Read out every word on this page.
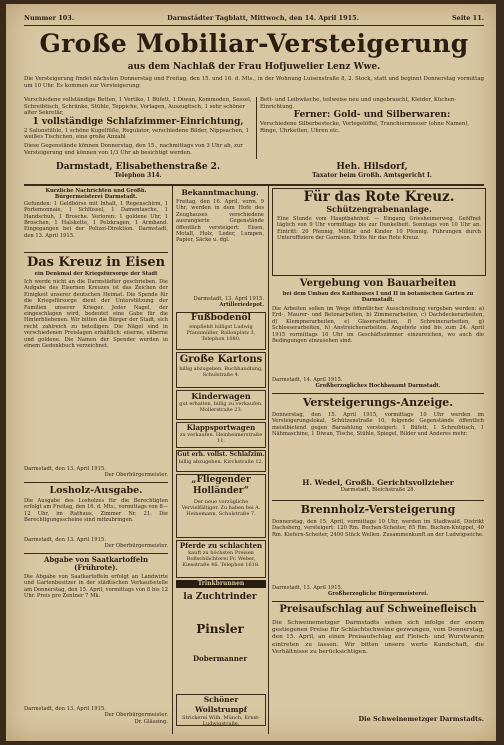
Nummer 103.	Darmstädter Tagblatt, Mittwoch, den 14. April 1915.	Seite 11.
Große Mobiliar-Versteigerung
aus dem Nachlaß der Frau Hofjuwelier Lenz Wwe.
Die Versteigerung findet nächsten Donnerstag und Freitag, den 15. und 16. d. Mts., in der Wohnung Luisenstraße 8, 2. Stock, statt und beginnt Donnerstag vormittag um 10 Uhr. Es kommen zur Versteigerung:
Verschiedene vollständige Betten, 1 Vertiko, 1 Büfett, 1 Diwan, Kommoden, Sessel, Schreibtisch, Schränke, Stühle, Teppiche, Vorlagen, Auszugtisch, 1 sehr schöner alter Sekretär,
1 vollständige Schlafzimmer-Einrichtung,
2 Salonstühle, 1 schöne Kugelfüße, Regulator, verschiedene Bilder, Nippsachen, 1 weißes Tischchen, eine große Anzahl
Diese Gegenstände können Donnerstag, den 15., nachmittags von 3 Uhr ab, zur Versteigerung und können von 1/3 Uhr ab besichtigt werden.
Bett- und Leibwäsche, teilweise neu und ungebraucht, Kleider, Küchen-Einrichtung.
Ferner: Gold- und Silberwaren:
Verschiedene Silberbestecke, Vorlegelöffel, Tranchiermesser (ohne Namen), Ringe, Uhrketten, Uhren etc.
Darmstadt, Elisabethenstraße 2.
Telephon 314.
Heh. Hilsdorf,
Taxator beim Großh. Amtsgericht I.
Kurzliche Nachrichten und Großh. Bürgermeisterei Darmstadt.
Gefunden: 1 Geldbörse mit Inhalt, 1 Regenschirm, 1 Portemonnaie, 1 Schlüssel, 1 Damentasche, 1 Handschuh, 1 Brosche. Verloren: 1 goldene Uhr, 1 Broschen, 1 Halskette, 1 Pelzkragen, 1 Armband. Eingegangen bei der Polizei-Direktion. Darmstadt, den 13. April 1915.
Das Kreuz in Eisen
ein Denkmal der Kriegsfürsorge der Stadt
Ich werde nicht an die Darmstädter geschrieben. Die Aufgabe des Eisernen Kreuzes ist das Zeichen der Einigkeit unserer deutschen Heimat. Die Spende für die Kriegsfürsorge dient der Unterstützung der Familien unserer Krieger. Jeder Nagel, der eingeschlagen wird, bedeutet eine Gabe für die Hinterbliebenen. Wir bitten die Bürger der Stadt, sich recht zahlreich zu beteiligen. Die Nägel sind in verschiedenen Preislagen erhältlich: eiserne, silberne und goldene. Die Namen der Spender werden in einem Gedenkbuch verzeichnet.
Darmstadt, den 13. April 1915.
Der Oberbürgermeister.
Losholz-Ausgabe.
Die Ausgabe des Losholzes für die Berechtigten erfolgt am Freitag, den 16. d. Mts., vormittags von 8—12 Uhr, im Rathaus, Zimmer Nr. 21. Die Berechtigungsscheine sind mitzubringen.
Darmstadt, den 13. April 1915.
Der Oberbürgermeister.
Abgabe von Saatkartoffeln (Frührote).
Die Abgabe von Saatkartoffeln erfolgt an Landwirte und Gartenbesitzer in der städtischen Verkaufsstelle am Donnerstag, den 15. April, vormittags von 8 bis 12 Uhr. Preis pro Zentner 7 Mk.
Darmstadt, den 13. April 1915.
Der Oberbürgermeister.
Dr. Glässing.
Bekanntmachung.
Freitag, den 16. April, vorm. 9 Uhr, werden in dem Hofe des Zeughauses verschiedene ausrangierte Gegenstände öffentlich versteigert: Eisen, Metall, Holz, Leder, Lumpen, Papier, Säcke u. dgl.
Darmstadt, 13. April 1915.
Artilleriedepot.
Fußbodenöl
empfiehlt billigst Ludwig Pfannmüller, Ballonplatz 3, Telephon 1080.
Große Kartons
billig abzugeben. Buchhandlung, Schulstraße 4.
Kinderwagen
gut erhalten, billig zu verkaufen. Mollerstraße 23.
Klappsportwagen
zu verkaufen. Heinheimerstraße 11.
Gut erh. vollst. Schlafzim.
billig abzugeben. Kirchstraße 12.
„Fliegender Holländer“
Der neue vorzügliche Vervielfältiger. Zu haben bei A. Heinemann, Schulstraße 7.
Pferde zu schlachten
kauft zu höchsten Preisen Roßschlächterei Fr. Weber, Kiesstraße 46. Telephon 1618.
Trinkbrunnen
la Zuchtrinder
Pinsler
Dobermanner
Schöner Wollstrumpf
Strickerei Wilh. Münch, Ernst-Ludwigstraße.
Für das Rote Kreuz.
Schützengrabenanlage.
Eine Stunde vom Hauptbahnhof. — Eingang Griesheimerweg. Geöffnet täglich von 9 Uhr vormittags bis zur Dunkelheit. Sonntags von 10 Uhr an. Eintritt: 20 Pfennig, Militär und Kinder 10 Pfennig. Führungen durch Unteroffiziere der Garnison. Erlös für das Rote Kreuz.
Vergebung von Bauarbeiten
bei dem Umbau des Kaithauses I und II in botanischen Garten zu Darmstadt.
Die Arbeiten sollen im Wege öffentlicher Ausschreibung vergeben werden: a) Erd-, Maurer- und Betonarbeiten, b) Zimmerarbeiten, c) Dachdeckerarbeiten, d) Klempnerarbeiten, e) Glaserarbeiten, f) Schreinerarbeiten, g) Schlosserarbeiten, h) Anstreicherarbeiten. Angebote sind bis zum 24. April 1915 vormittags 10 Uhr im Geschäftszimmer einzureichen, wo auch die Bedingungen einzusehen sind.
Darmstadt, 14. April 1915.
Großherzogliches Hochbauamt Darmstadt.
Versteigerungs-Anzeige.
Donnerstag, den 15. April 1915, vormittags 10 Uhr werden im Versteigerungslokal, Schützenstraße 10, folgende Gegenstände öffentlich meistbietend gegen Barzahlung versteigert: 1 Büfett, 1 Schreibtisch, 1 Nähmaschine, 1 Diwan, Tische, Stühle, Spiegel, Bilder und Anderes mehr.
H. Wedel, Großh. Gerichtsvollzieher
Darmstadt, Bleichstraße 28.
Brennholz-Versteigerung
Donnerstag, den 15. April, vormittags 10 Uhr, werden im Stadtwald, Distrikt Dachsberg, versteigert: 120 Rm. Buchen-Scheiter, 85 Rm. Buchen-Knüppel, 40 Rm. Kiefern-Scheiter, 2400 Stück Wellen. Zusammenkunft an der Ludwigseiche.
Darmstadt, 13. April 1915.
Großherzogliche Bürgermeisterei.
Preisaufschlag auf Schweinefleisch
Die Schweinemetzger Darmstadts sehen sich infolge der enorm gestiegenen Preise für Schlachtschweine gezwungen, vom Donnerstag, den 15. April, an einen Preisaufschlag auf Fleisch- und Wurstwaren eintreten zu lassen. Wir bitten unsere werte Kundschaft, die Verhältnisse zu berücksichtigen.
Die Schweinemetzger Darmstadts.
